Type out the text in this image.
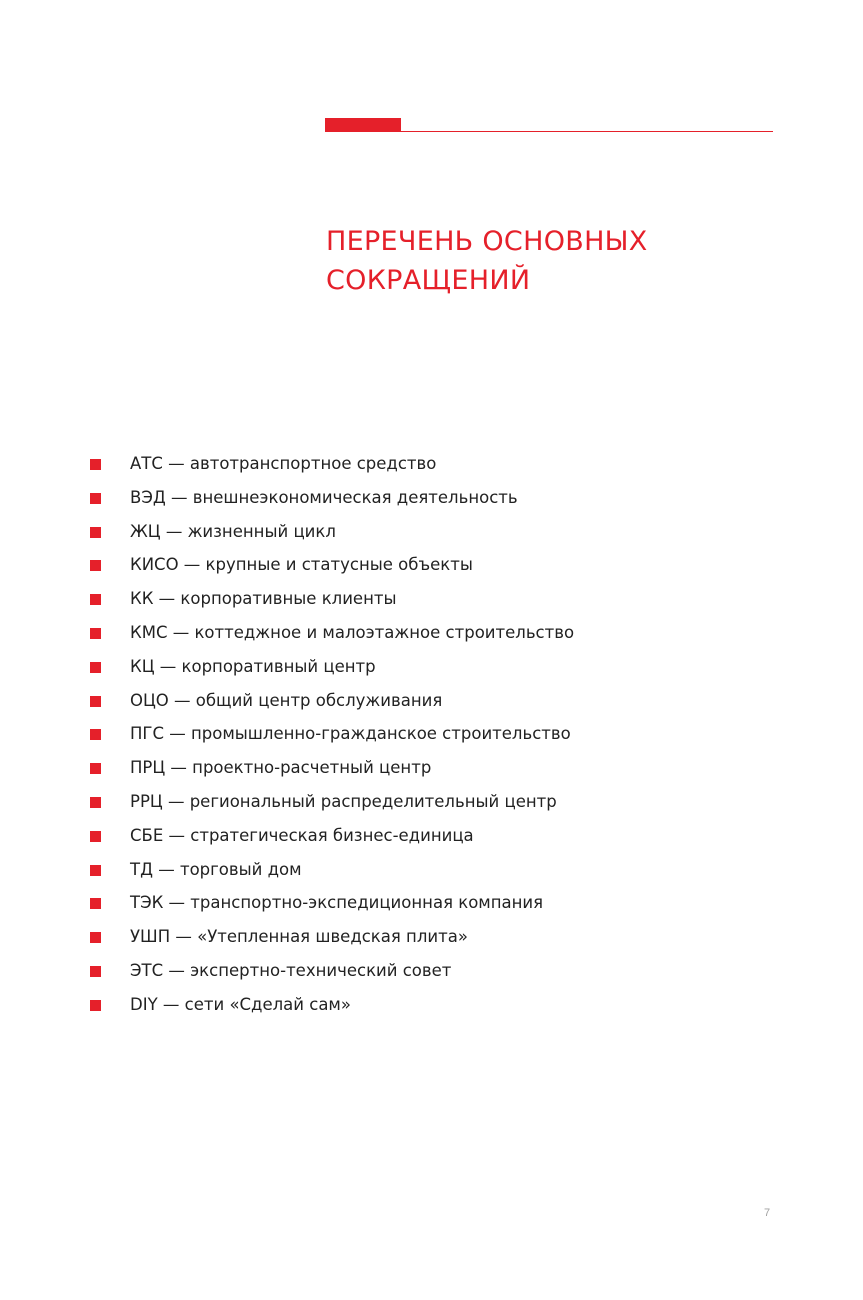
ПЕРЕЧЕНЬ ОСНОВНЫХ
СОКРАЩЕНИЙ
АТС — автотранспортное средство
ВЭД — внешнеэкономическая деятельность
ЖЦ — жизненный цикл
КИСО — крупные и статусные объекты
КК — корпоративные клиенты
КМС — коттеджное и малоэтажное строительство
КЦ — корпоративный центр
ОЦО — общий центр обслуживания
ПГС — промышленно-гражданское строительство
ПРЦ — проектно-расчетный центр
РРЦ — региональный распределительный центр
СБЕ — стратегическая бизнес-единица
ТД — торговый дом
ТЭК — транспортно-экспедиционная компания
УШП — «Утепленная шведская плита»
ЭТС — экспертно-технический совет
DIY — сети «Сделай сам»
7
